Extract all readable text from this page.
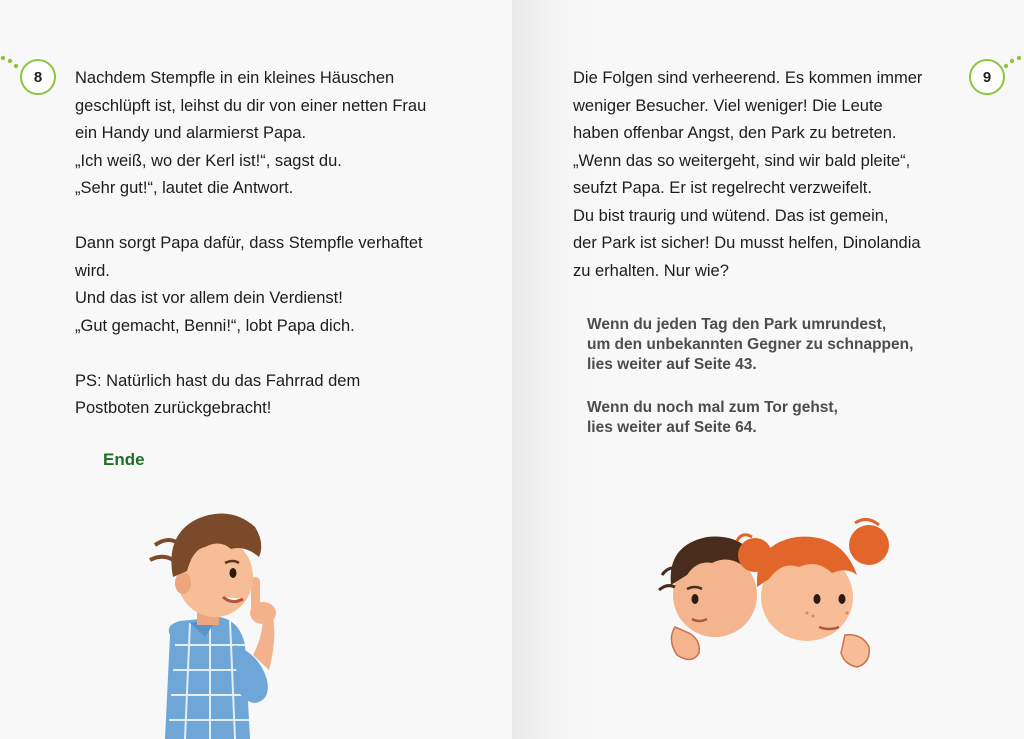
8	Nachdem Stempfle in ein kleines Häuschen

geschlüpft ist, leihst du dir von einer netten Frau

ein Handy und alarmierst Papa.

„Ich weiß, wo der Kerl ist!“, sagst du.

„Sehr gut!“, lautet die Antwort.

Dann sorgt Papa dafür, dass Stempfle verhaftet

wird.

Und das ist vor allem dein Verdienst!

„Gut gemacht, Benni!“, lobt Papa dich.

PS: Natürlich hast du das Fahrrad dem

Postboten zurückgebracht!

Ende
9

Die Folgen sind verheerend. Es kommen immer

weniger Besucher. Viel weniger! Die Leute

haben offenbar Angst, den Park zu betreten.

„Wenn das so weitergeht, sind wir bald pleite“,

seufzt Papa. Er ist regelrecht verzweifelt.

Du bist traurig und wütend. Das ist gemein,

der Park ist sicher! Du musst helfen, Dinolandia

zu erhalten. Nur wie?

Wenn du jeden Tag den Park umrundest,
um den unbekannten Gegner zu schnappen,
lies weiter auf Seite 43.
Wenn du noch mal zum Tor gehst,
lies weiter auf Seite 64.
